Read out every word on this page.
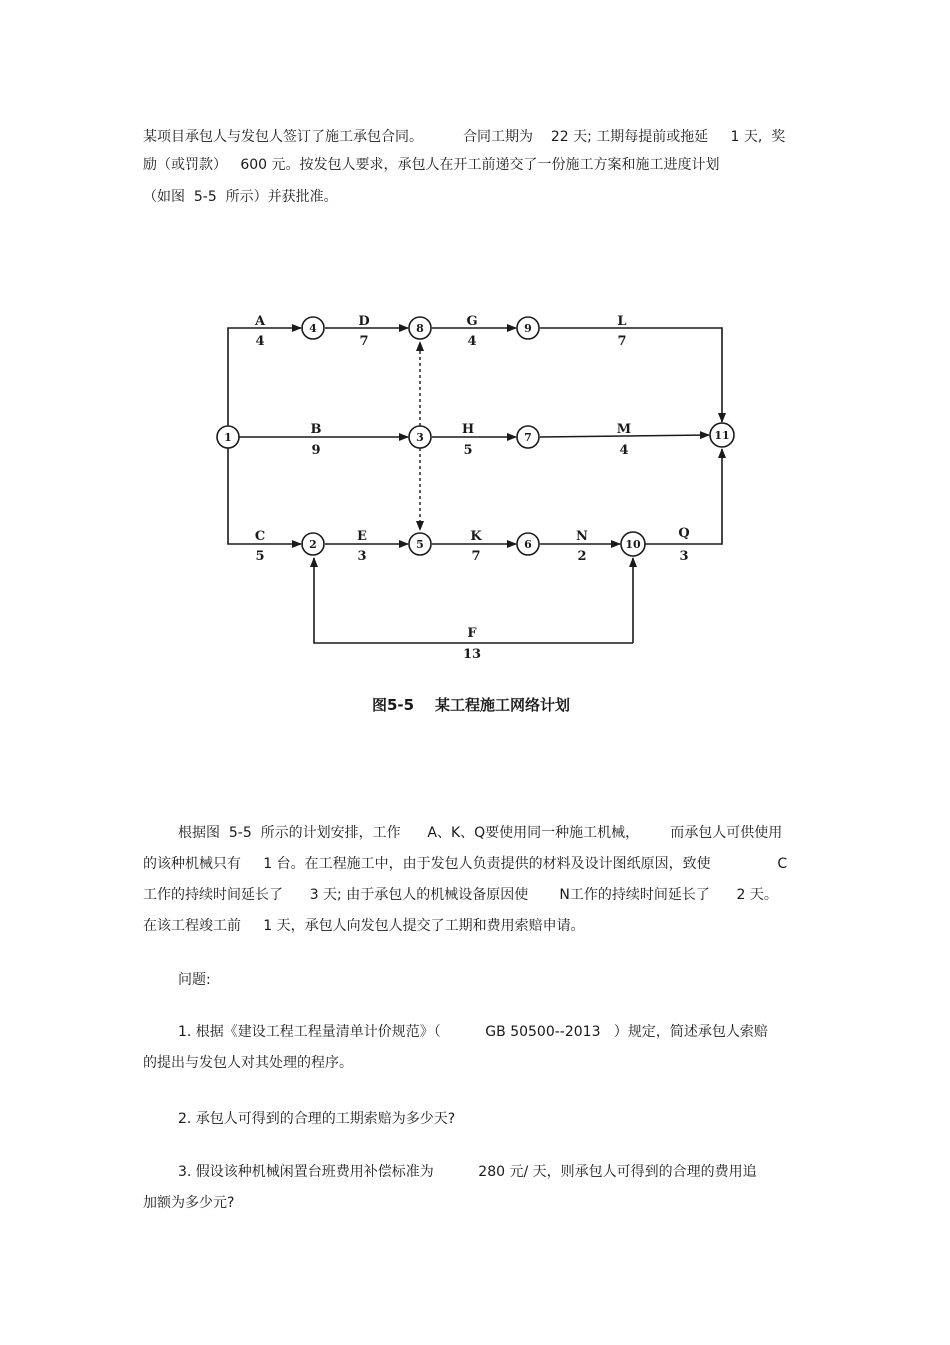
某项目承包人与发包人签订了施工承包合同。         合同工期为    22 天; 工期每提前或拖延     1 天,  奖
励（或罚款）   600 元。按发包人要求，承包人在开工前递交了一份施工方案和施工进度计划
（如图  5-5  所示）并获批准。
1
4	8	9
3	7	11
2	5	6	10
A
4
D
7
G
4
L
7
B
9
H
5
M
4
C
5
E
3
K
7
N
2
Q
3
F
13
图5-5    某工程施工网络计划
根据图  5-5  所示的计划安排，工作      A、K、Q要使用同一种施工机械，       而承包人可供使用
的该种机械只有     1 台。在工程施工中，由于发包人负责提供的材料及设计图纸原因，致使               C
工作的持续时间延长了      3 天; 由于承包人的机械设备原因使       N工作的持续时间延长了      2 天。
在该工程竣工前     1 天，承包人向发包人提交了工期和费用索赔申请。
问题:
1. 根据《建设工程工程量清单计价规范》（          GB 50500--2013   ）规定，简述承包人索赔
的提出与发包人对其处理的程序。
2. 承包人可得到的合理的工期索赔为多少天?
3. 假设该种机械闲置台班费用补偿标准为          280 元/ 天，则承包人可得到的合理的费用追
加额为多少元?
